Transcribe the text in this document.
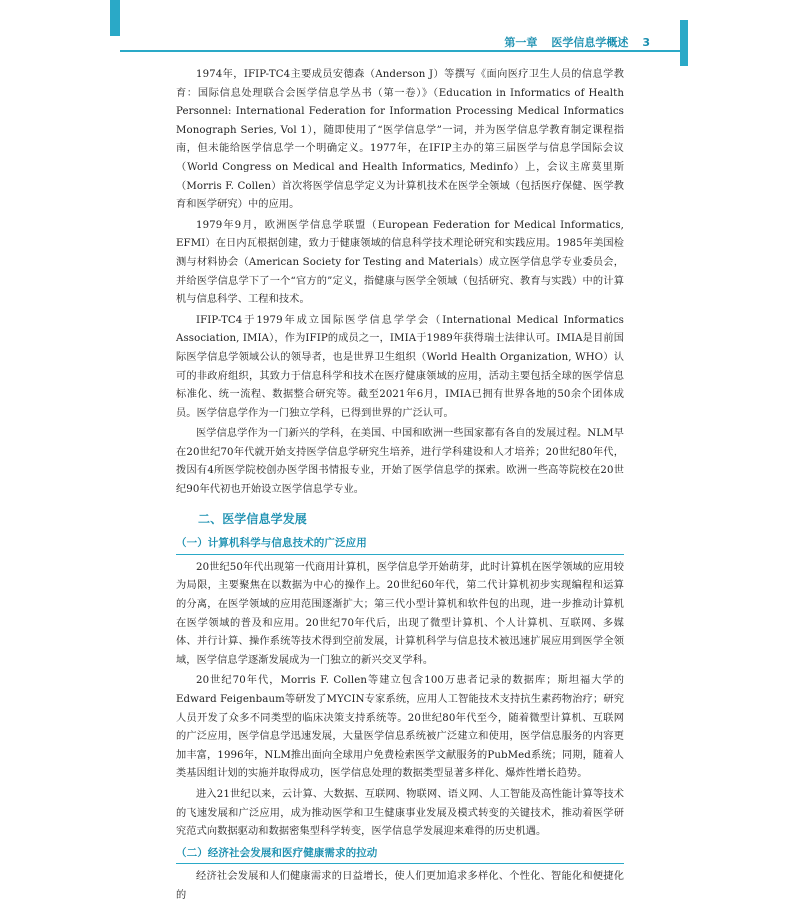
第一章 医学信息学概述 3

1974年，IFIP-TC4主要成员安德森（Anderson J）等撰写《面向医疗卫生人员的信息学教育：国际信息处理联合会医学信息学丛书（第一卷）》（Education in Informatics of Health Personnel: International Federation for Information Processing Medical Informatics Monograph Series, Vol 1），随即使用了“医学信息学”一词，并为医学信息学教育制定课程指南，但未能给医学信息学一个明确定义。1977年，在IFIP主办的第三届医学与信息学国际会议（World Congress on Medical and Health Informatics, Medinfo）上，会议主席莫里斯（Morris F. Collen）首次将医学信息学定义为计算机技术在医学全领域（包括医疗保健、医学教育和医学研究）中的应用。

1979年9月，欧洲医学信息学联盟（European Federation for Medical Informatics, EFMI）在日内瓦根据创建，致力于健康领域的信息科学技术理论研究和实践应用。1985年美国检测与材料协会（American Society for Testing and Materials）成立医学信息学专业委员会，并给医学信息学下了一个“官方的”定义，指健康与医学全领域（包括研究、教育与实践）中的计算机与信息科学、工程和技术。

IFIP-TC4于1979年成立国际医学信息学学会（International Medical Informatics Association, IMIA），作为IFIP的成员之一，IMIA于1989年获得瑞士法律认可。IMIA是目前国际医学信息学领域公认的领导者，也是世界卫生组织（World Health Organization, WHO）认可的非政府组织，其致力于信息科学和技术在医疗健康领域的应用，活动主要包括全球的医学信息标准化、统一流程、数据整合研究等。截至2021年6月，IMIA已拥有世界各地的50余个团体成员。医学信息学作为一门独立学科，已得到世界的广泛认可。

医学信息学作为一门新兴的学科，在美国、中国和欧洲一些国家都有各自的发展过程。NLM早在20世纪70年代就开始支持医学信息学研究生培养，进行学科建设和人才培养；20世纪80年代，拨因有4所医学院校创办医学图书情报专业，开始了医学信息学的探索。欧洲一些高等院校在20世纪90年代初也开始设立医学信息学专业。

二、医学信息学发展
（一）计算机科学与信息技术的广泛应用

20世纪50年代出现第一代商用计算机，医学信息学开始萌芽，此时计算机在医学领域的应用较为局限，主要聚焦在以数据为中心的操作上。20世纪60年代，第二代计算机初步实现编程和运算的分离，在医学领域的应用范围逐渐扩大；第三代小型计算机和软件包的出现，进一步推动计算机在医学领域的普及和应用。20世纪70年代后，出现了微型计算机、个人计算机、互联网、多媒体、并行计算、操作系统等技术得到空前发展，计算机科学与信息技术被迅速扩展应用到医学全领域，医学信息学逐渐发展成为一门独立的新兴交叉学科。

20世纪70年代，Morris F. Collen等建立包含100万患者记录的数据库；斯坦福大学的Edward Feigenbaum等研发了MYCIN专家系统，应用人工智能技术支持抗生素药物治疗；研究人员开发了众多不同类型的临床决策支持系统等。20世纪80年代至今，随着微型计算机、互联网的广泛应用，医学信息学迅速发展，大量医学信息系统被广泛建立和使用，医学信息服务的内容更加丰富，1996年，NLM推出面向全球用户免费检索医学文献服务的PubMed系统；同期，随着人类基因组计划的实施并取得成功，医学信息处理的数据类型显著多样化、爆炸性增长趋势。

进入21世纪以来，云计算、大数据、互联网、物联网、语义网、人工智能及高性能计算等技术的飞速发展和广泛应用，成为推动医学和卫生健康事业发展及模式转变的关键技术，推动着医学研究范式向数据驱动和数据密集型科学转变，医学信息学发展迎来难得的历史机遇。

（二）经济社会发展和医疗健康需求的拉动

经济社会发展和人们健康需求的日益增长，使人们更加追求多样化、个性化、智能化和便捷化的
